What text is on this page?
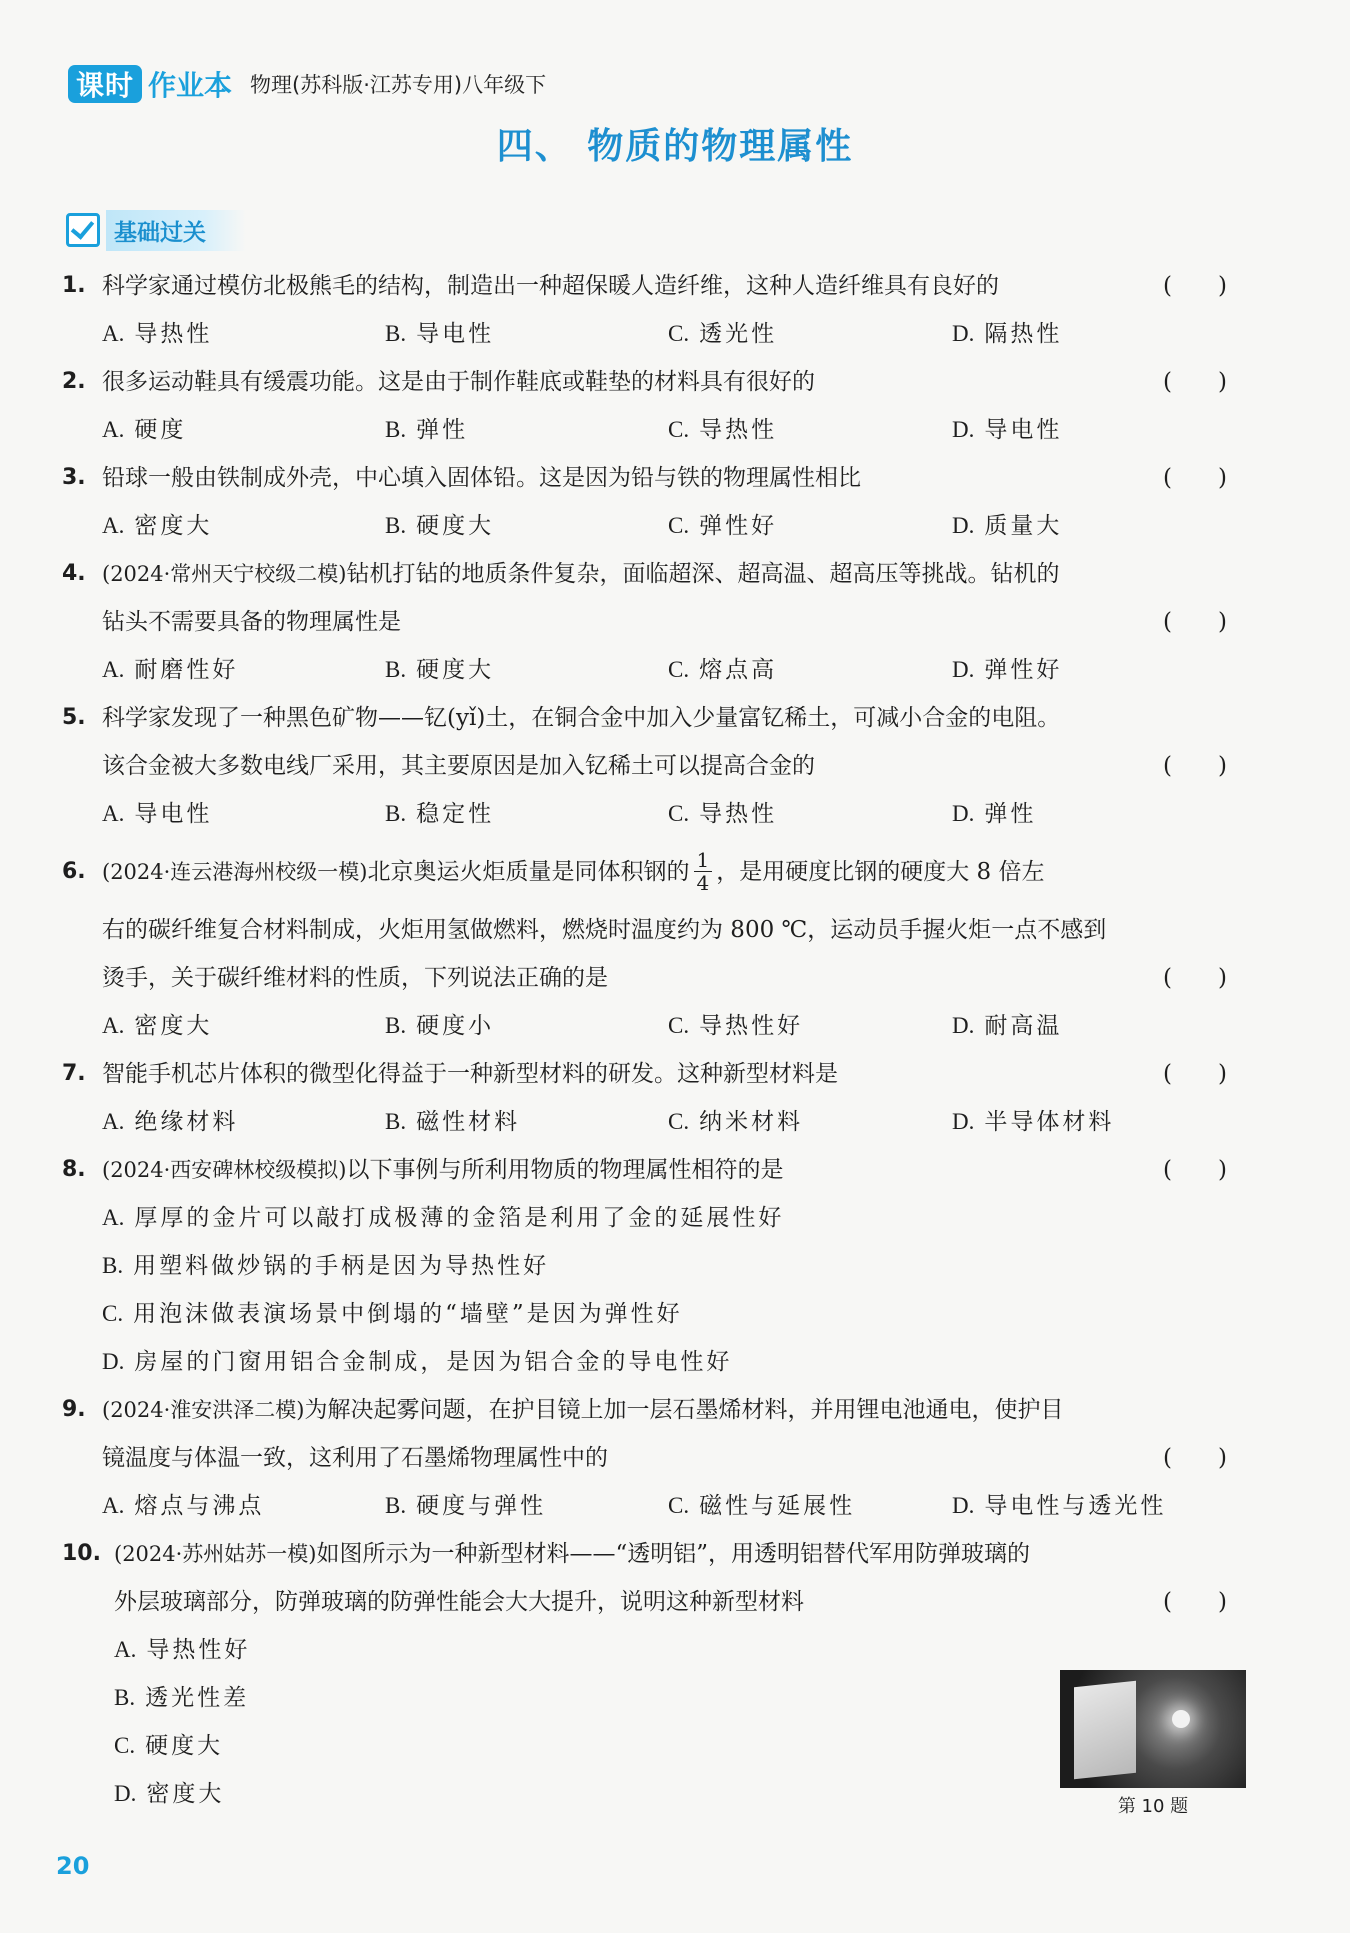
课时 作业本 物理(苏科版·江苏专用)八年级下
四、 物质的物理属性
基础过关
1. 科学家通过模仿北极熊毛的结构，制造出一种超保暖人造纤维，这种人造纤维具有良好的	(　　)
A. 导热性	B. 导电性	C. 透光性	D. 隔热性
2. 很多运动鞋具有缓震功能。这是由于制作鞋底或鞋垫的材料具有很好的	(　　)
A. 硬度	B. 弹性	C. 导热性	D. 导电性
3. 铅球一般由铁制成外壳，中心填入固体铅。这是因为铅与铁的物理属性相比	(　　)
A. 密度大	B. 硬度大	C. 弹性好	D. 质量大
4. (2024·常州天宁校级二模)钻机打钻的地质条件复杂，面临超深、超高温、超高压等挑战。钻机的
钻头不需要具备的物理属性是	(　　)
A. 耐磨性好	B. 硬度大	C. 熔点高	D. 弹性好
5. 科学家发现了一种黑色矿物——钇(yǐ)土，在铜合金中加入少量富钇稀土，可减小合金的电阻。
该合金被大多数电线厂采用，其主要原因是加入钇稀土可以提高合金的	(　　)
A. 导电性	B. 稳定性	C. 导热性	D. 弹性
6. (2024·连云港海州校级一模)北京奥运火炬质量是同体积钢的 $\frac{1}{4}$ ，是用硬度比钢的硬度大 8 倍左
右的碳纤维复合材料制成，火炬用氢做燃料，燃烧时温度约为 800 ℃，运动员手握火炬一点不感到
烫手，关于碳纤维材料的性质，下列说法正确的是	(　　)
A. 密度大	B. 硬度小	C. 导热性好	D. 耐高温
7. 智能手机芯片体积的微型化得益于一种新型材料的研发。这种新型材料是	(　　)
A. 绝缘材料	B. 磁性材料	C. 纳米材料	D. 半导体材料
8. (2024·西安碑林校级模拟)以下事例与所利用物质的物理属性相符的是	(　　)
A. 厚厚的金片可以敲打成极薄的金箔是利用了金的延展性好
B. 用塑料做炒锅的手柄是因为导热性好
C. 用泡沫做表演场景中倒塌的“墙壁”是因为弹性好
D. 房屋的门窗用铝合金制成，是因为铝合金的导电性好
9. (2024·淮安洪泽二模)为解决起雾问题，在护目镜上加一层石墨烯材料，并用锂电池通电，使护目
镜温度与体温一致，这利用了石墨烯物理属性中的	(　　)
A. 熔点与沸点	B. 硬度与弹性	C. 磁性与延展性	D. 导电性与透光性
10. (2024·苏州姑苏一模)如图所示为一种新型材料——“透明铝”，用透明铝替代军用防弹玻璃的
外层玻璃部分，防弹玻璃的防弹性能会大大提升，说明这种新型材料	(　　)
A. 导热性好
B. 透光性差
C. 硬度大
D. 密度大	第 10 题
20
